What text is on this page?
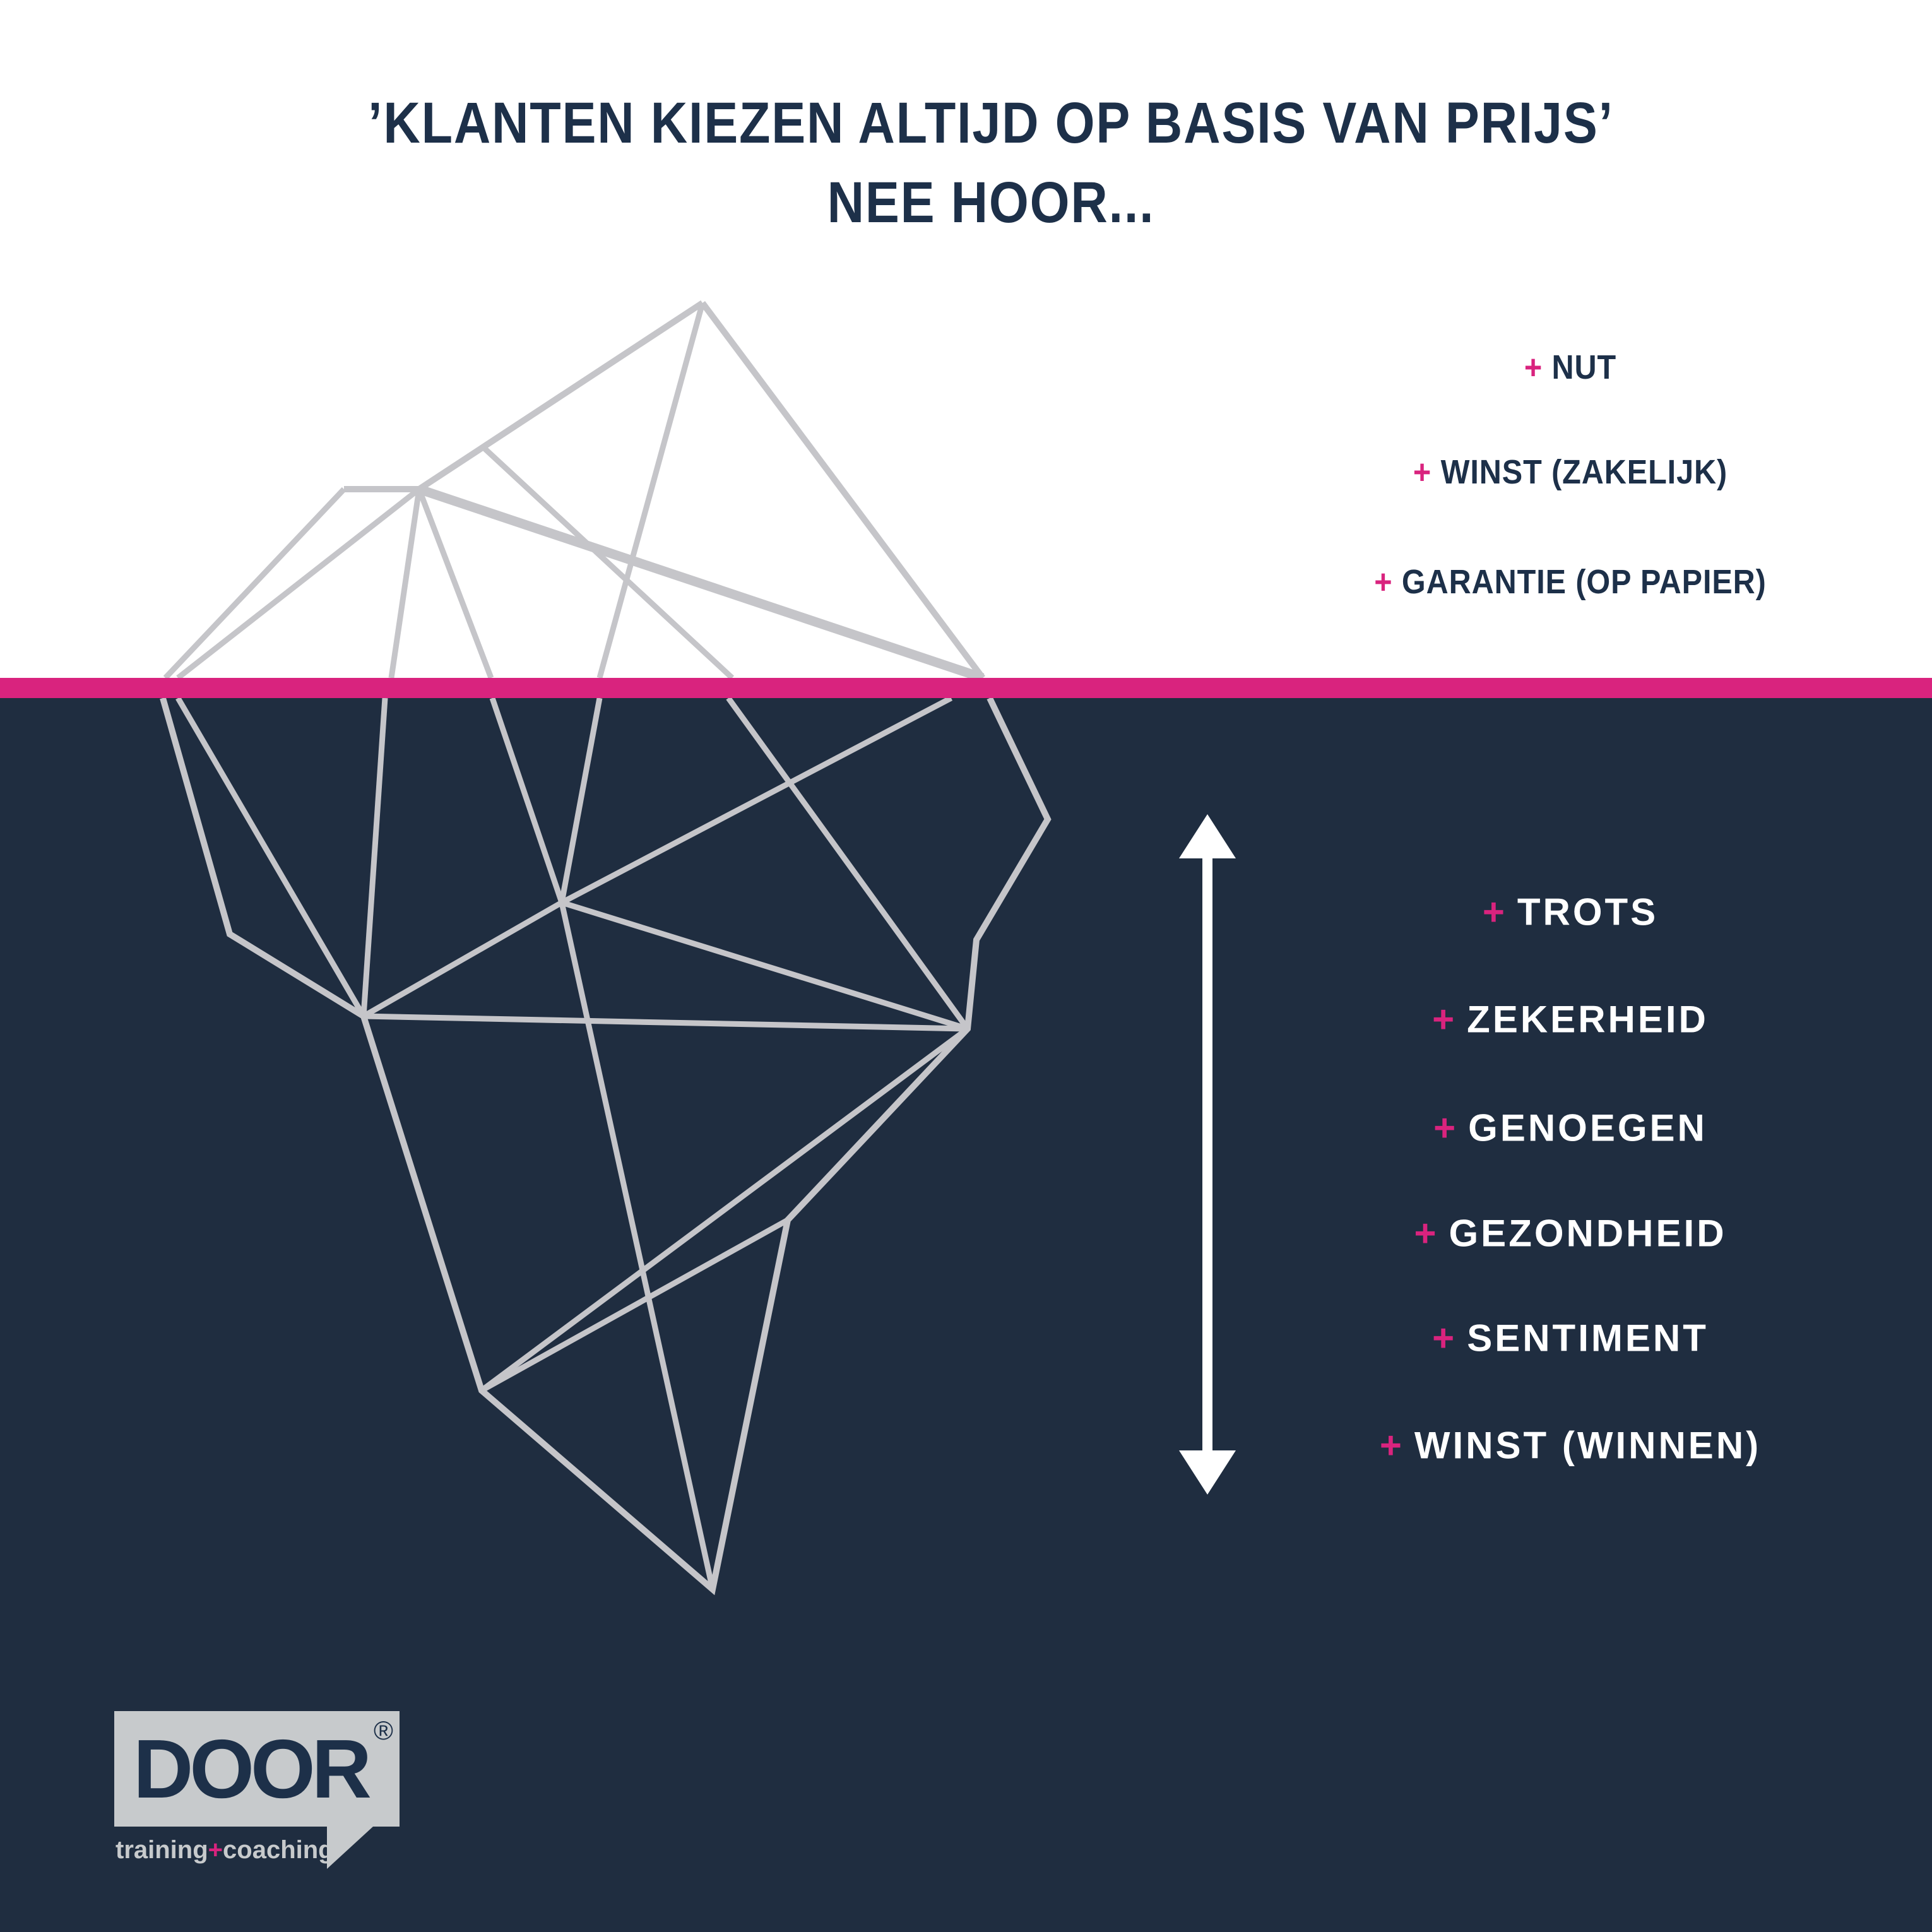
’KLANTEN KIEZEN ALTIJD OP BASIS VAN PRIJS’
NEE HOOR...
+ NUT
+ WINST (ZAKELIJK)
+ GARANTIE (OP PAPIER)
+ TROTS
+ ZEKERHEID
+ GENOEGEN
+ GEZONDHEID
+ SENTIMENT
+ WINST (WINNEN)
DOOR ®
training+coaching
